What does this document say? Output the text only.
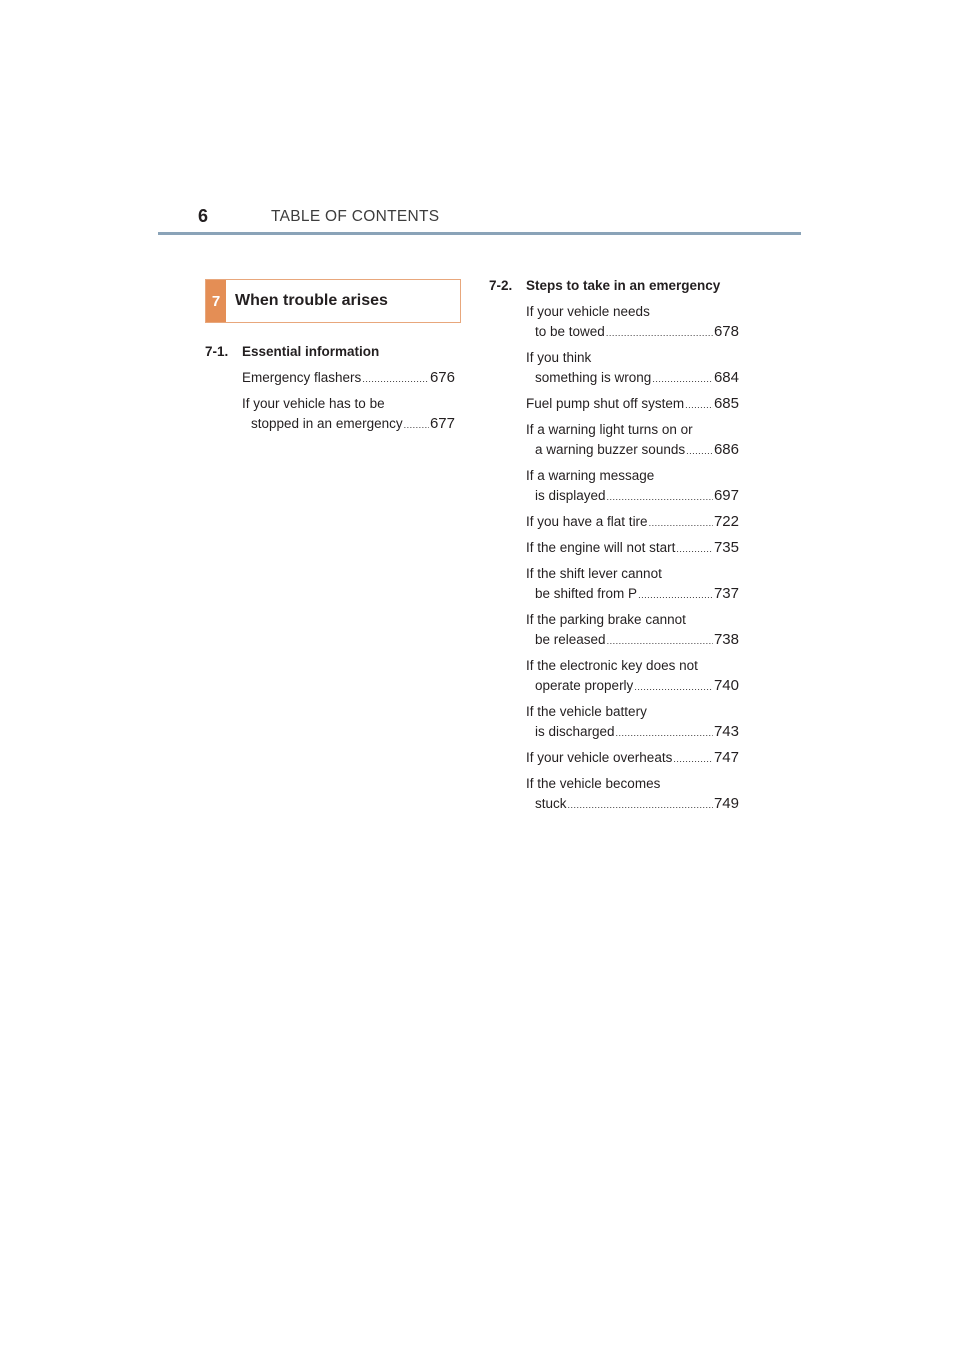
6	TABLE OF CONTENTS
7 When trouble arises
7-1.	Essential information
Emergency flashers .....	676
If your vehicle has to be
stopped in an emergency ..... 677
7-2.	Steps to take in an emergency
If your vehicle needs
to be towed .....	678
If you think
something is wrong .....	684
Fuel pump shut off system ..... 685
If a warning light turns on or
a warning buzzer sounds ..... 686
If a warning message
is displayed .....	697
If you have a flat tire .....	722
If the engine will not start .....	735
If the shift lever cannot
be shifted from P .....	737
If the parking brake cannot
be released .....	738
If the electronic key does not
operate properly .....	740
If the vehicle battery
is discharged .....	743
If your vehicle overheats .....	747
If the vehicle becomes
stuck .....	749
